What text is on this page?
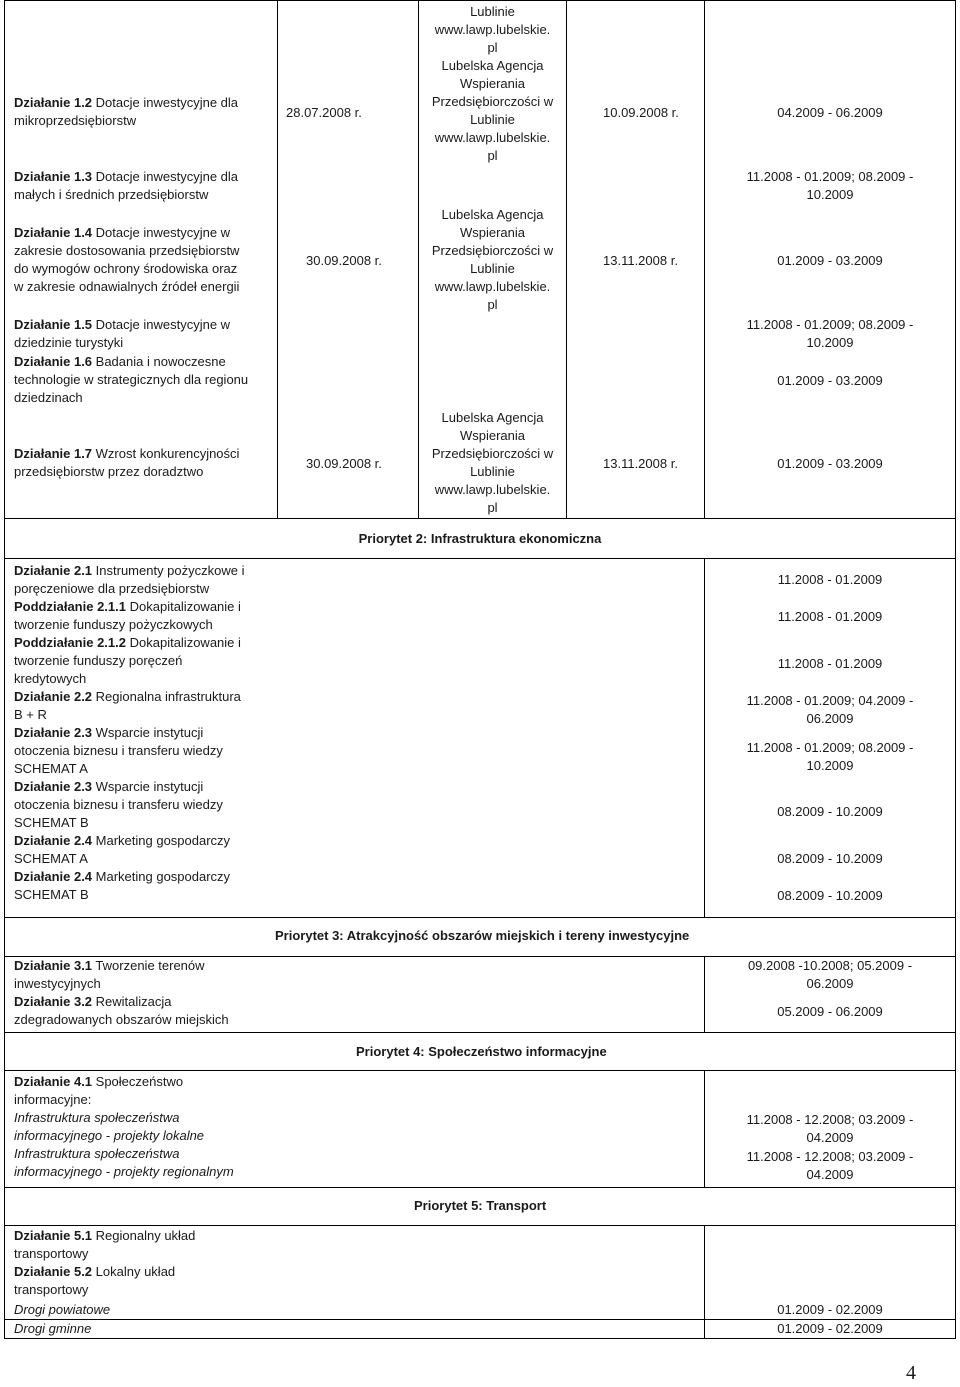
Działanie 1.2 Dotacje inwestycyjne dla
mikroprzedsiębiorstw
Działanie 1.3 Dotacje inwestycyjne dla
małych i średnich przedsiębiorstw
Działanie 1.4 Dotacje inwestycyjne w
zakresie dostosowania przedsiębiorstw
do wymogów ochrony środowiska oraz
w zakresie odnawialnych źródeł energii
Działanie 1.5 Dotacje inwestycyjne w
dziedzinie turystyki
Działanie 1.6 Badania i nowoczesne
technologie w strategicznych dla regionu
dziedzinach
Działanie 1.7 Wzrost konkurencyjności
przedsiębiorstw przez doradztwo
28.07.2008 r.
30.09.2008 r.
30.09.2008 r.
Lublinie
www.lawp.lubelskie.
pl
Lubelska Agencja
Wspierania
Przedsiębiorczości w
Lublinie
www.lawp.lubelskie.
pl
Lubelska Agencja
Wspierania
Przedsiębiorczości w
Lublinie
www.lawp.lubelskie.
pl
Lubelska Agencja
Wspierania
Przedsiębiorczości w
Lublinie
www.lawp.lubelskie.
pl
10.09.2008 r.
13.11.2008 r.
13.11.2008 r.
04.2009 - 06.2009
11.2008 - 01.2009; 08.2009 -
10.2009
01.2009 - 03.2009
11.2008 - 01.2009; 08.2009 -
10.2009
01.2009 - 03.2009
01.2009 - 03.2009
Priorytet 2: Infrastruktura ekonomiczna
Działanie 2.1 Instrumenty pożyczkowe i
poręczeniowe dla przedsiębiorstw
Poddziałanie 2.1.1 Dokapitalizowanie i
tworzenie funduszy pożyczkowych
Poddziałanie 2.1.2 Dokapitalizowanie i
tworzenie funduszy poręczeń
kredytowych
Działanie 2.2 Regionalna infrastruktura
B + R
Działanie 2.3 Wsparcie instytucji
otoczenia biznesu i transferu wiedzy
SCHEMAT A
Działanie 2.3 Wsparcie instytucji
otoczenia biznesu i transferu wiedzy
SCHEMAT B
Działanie 2.4 Marketing gospodarczy
SCHEMAT A
Działanie 2.4 Marketing gospodarczy
SCHEMAT B
11.2008 - 01.2009
11.2008 - 01.2009
11.2008 - 01.2009
11.2008 - 01.2009; 04.2009 -
06.2009
11.2008 - 01.2009; 08.2009 -
10.2009
08.2009 - 10.2009
08.2009 - 10.2009
08.2009 - 10.2009
Priorytet 3: Atrakcyjność obszarów miejskich i tereny inwestycyjne
Działanie 3.1 Tworzenie terenów
inwestycyjnych
Działanie 3.2 Rewitalizacja
zdegradowanych obszarów miejskich
09.2008 -10.2008; 05.2009 -
06.2009
05.2009 - 06.2009
Priorytet 4: Społeczeństwo informacyjne
Działanie 4.1 Społeczeństwo
informacyjne:
Infrastruktura społeczeństwa
informacyjnego - projekty lokalne
Infrastruktura społeczeństwa
informacyjnego - projekty regionalnym
11.2008 - 12.2008; 03.2009 -
04.2009
11.2008 - 12.2008; 03.2009 -
04.2009
Priorytet 5: Transport
Działanie 5.1 Regionalny układ
transportowy
Działanie 5.2 Lokalny układ
transportowy
Drogi powiatowe	01.2009 - 02.2009
Drogi gminne	01.2009 - 02.2009
4
